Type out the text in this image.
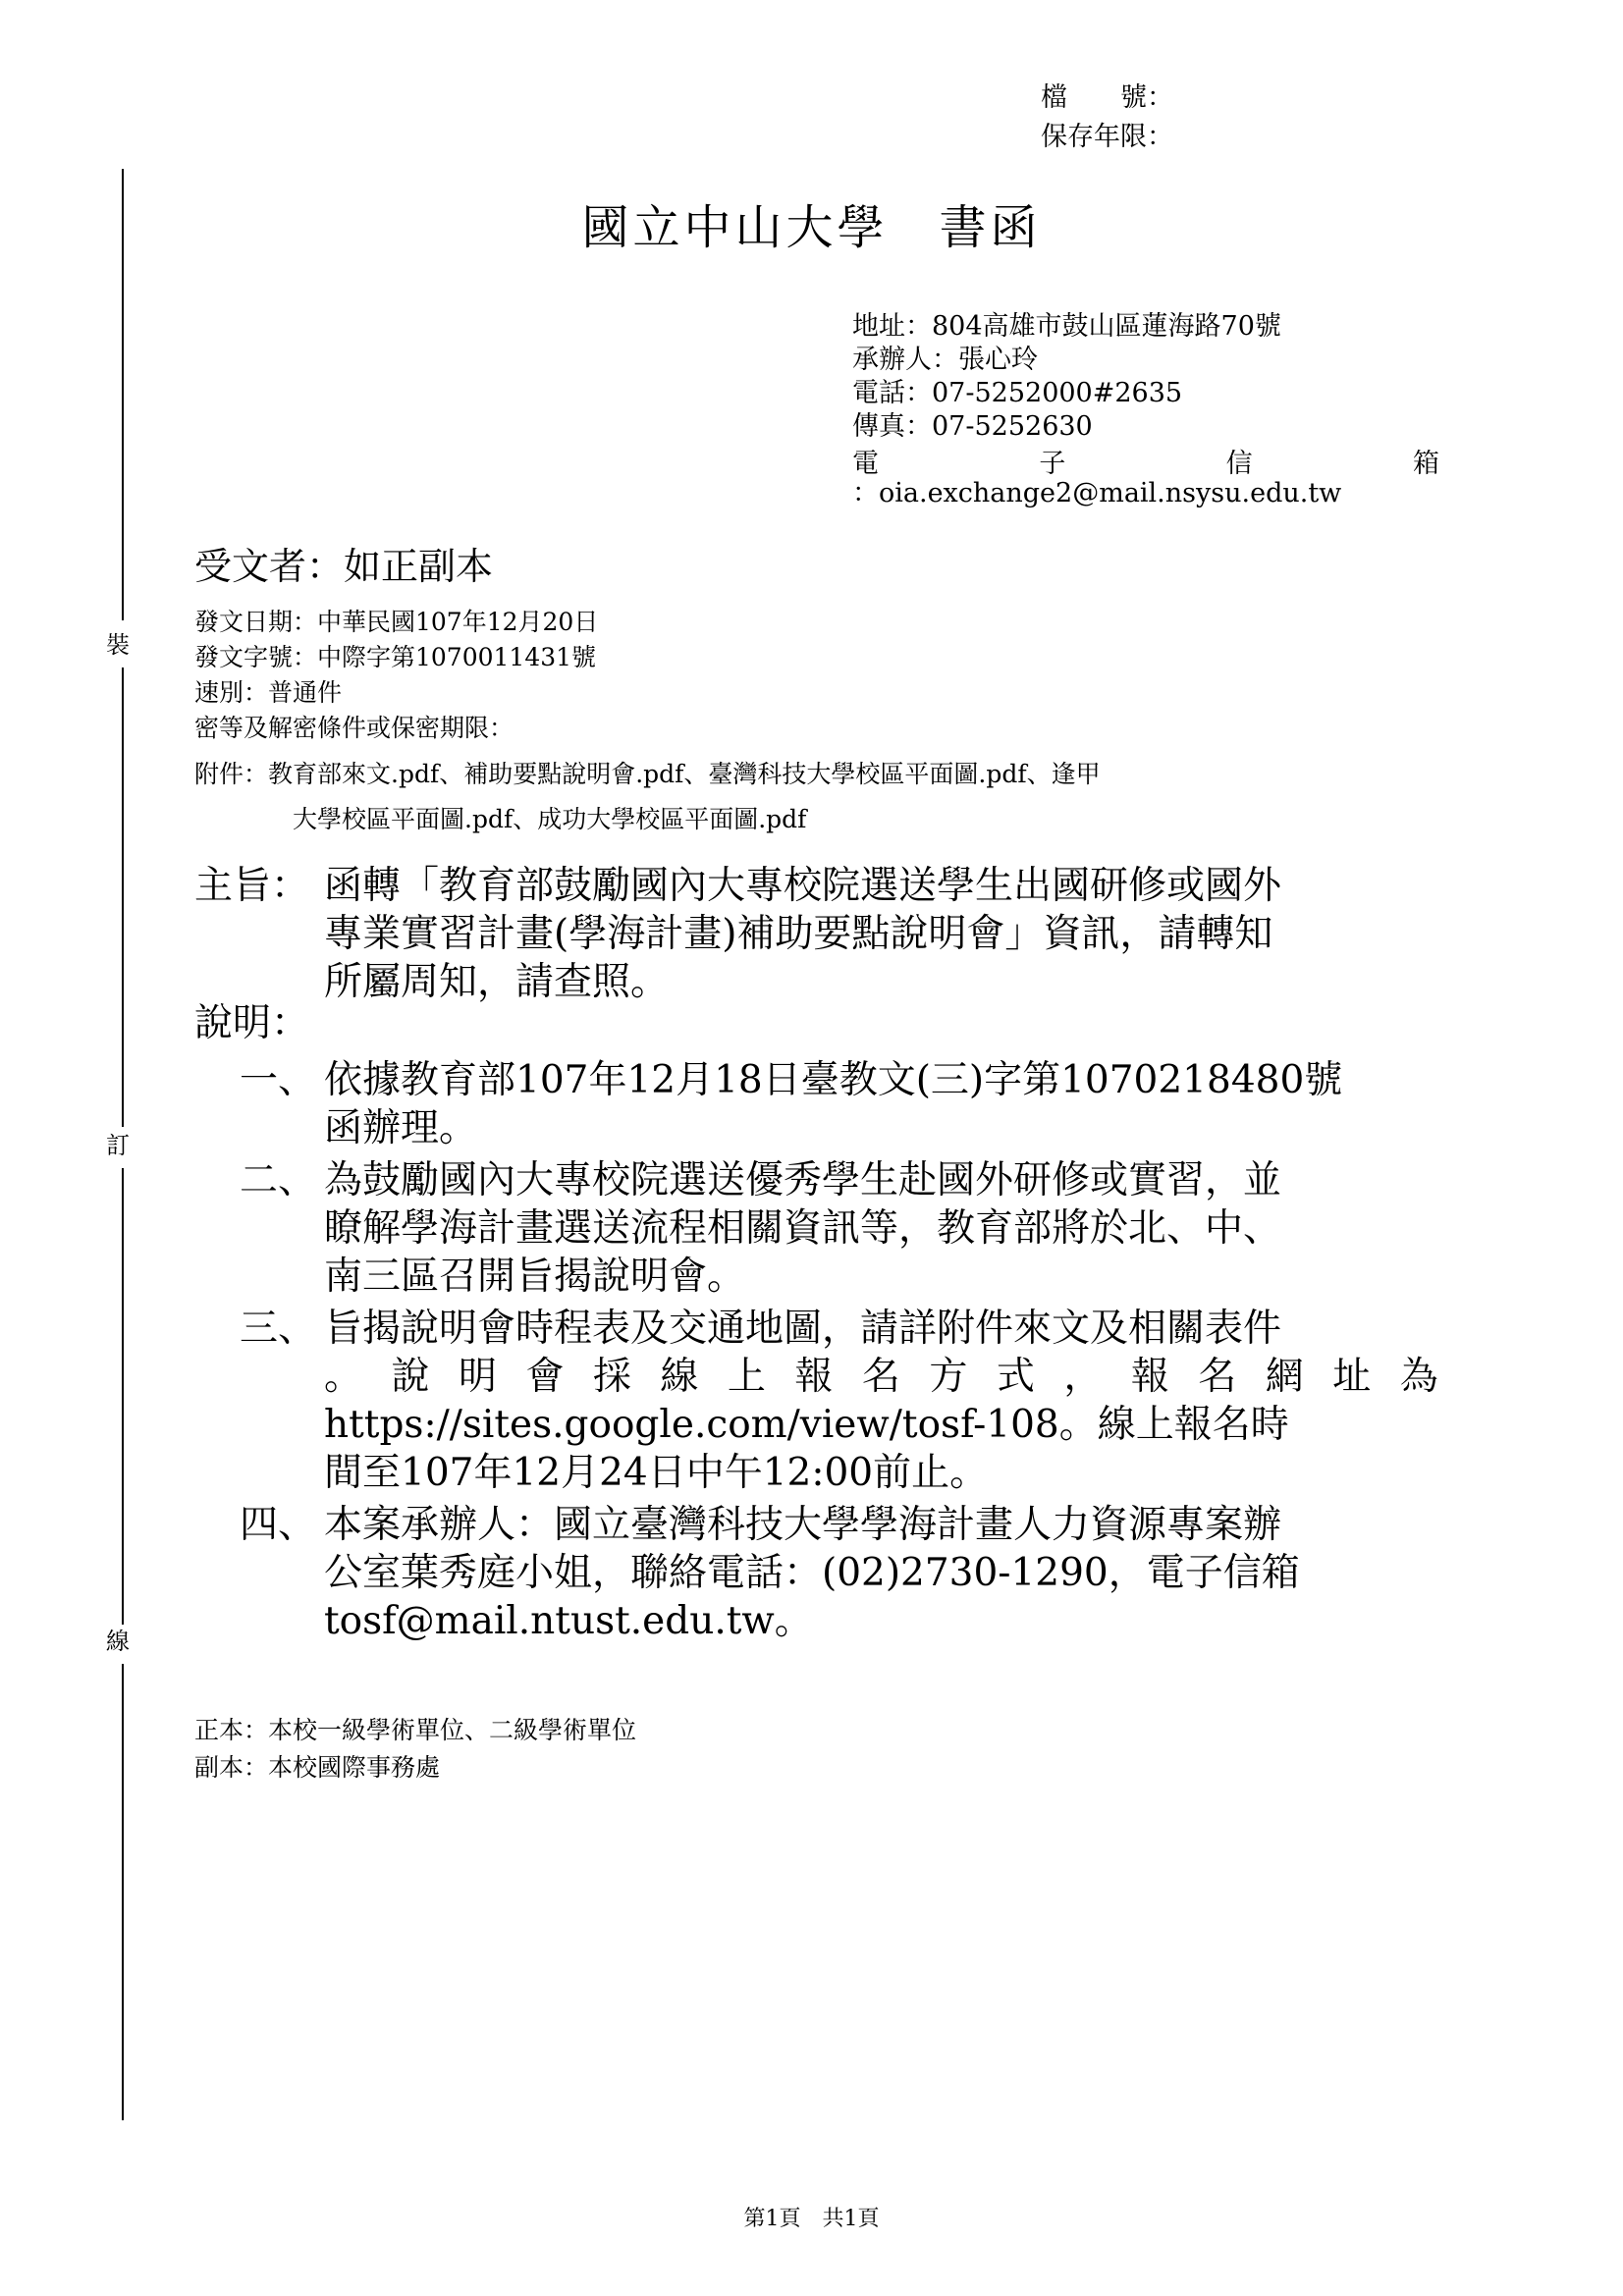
裝
訂
線
檔　　號：
保存年限：
國立中山大學　書函
地址：804高雄市鼓山區蓮海路70號
承辦人：張心玲
電話：07-5252000#2635
傳真：07-5252630
電	子	信	箱
：oia.exchange2@mail.nsysu.edu.tw
受文者：如正副本
發文日期：中華民國107年12月20日
發文字號：中際字第1070011431號
速別：普通件
密等及解密條件或保密期限：
附件：教育部來文.pdf、補助要點說明會.pdf、臺灣科技大學校區平面圖.pdf、逢甲
大學校區平面圖.pdf、成功大學校區平面圖.pdf
主旨： 函轉「教育部鼓勵國內大專校院選送學生出國研修或國外
專業實習計畫(學海計畫)補助要點說明會」資訊，請轉知
所屬周知，請查照。
說明：
一、 依據教育部107年12月18日臺教文(三)字第1070218480號
函辦理。
二、 為鼓勵國內大專校院選送優秀學生赴國外研修或實習，並
瞭解學海計畫選送流程相關資訊等，教育部將於北、中、
南三區召開旨揭說明會。
三、 旨揭說明會時程表及交通地圖，請詳附件來文及相關表件
。 說 明 會 採 線 上 報 名 方 式 ， 報 名 網 址 為
https://sites.google.com/view/tosf-108。線上報名時
間至107年12月24日中午12:00前止。
四、 本案承辦人：國立臺灣科技大學學海計畫人力資源專案辦
公室葉秀庭小姐，聯絡電話：(02)2730-1290，電子信箱
tosf@mail.ntust.edu.tw。
正本：本校一級學術單位、二級學術單位
副本：本校國際事務處
第1頁　共1頁
